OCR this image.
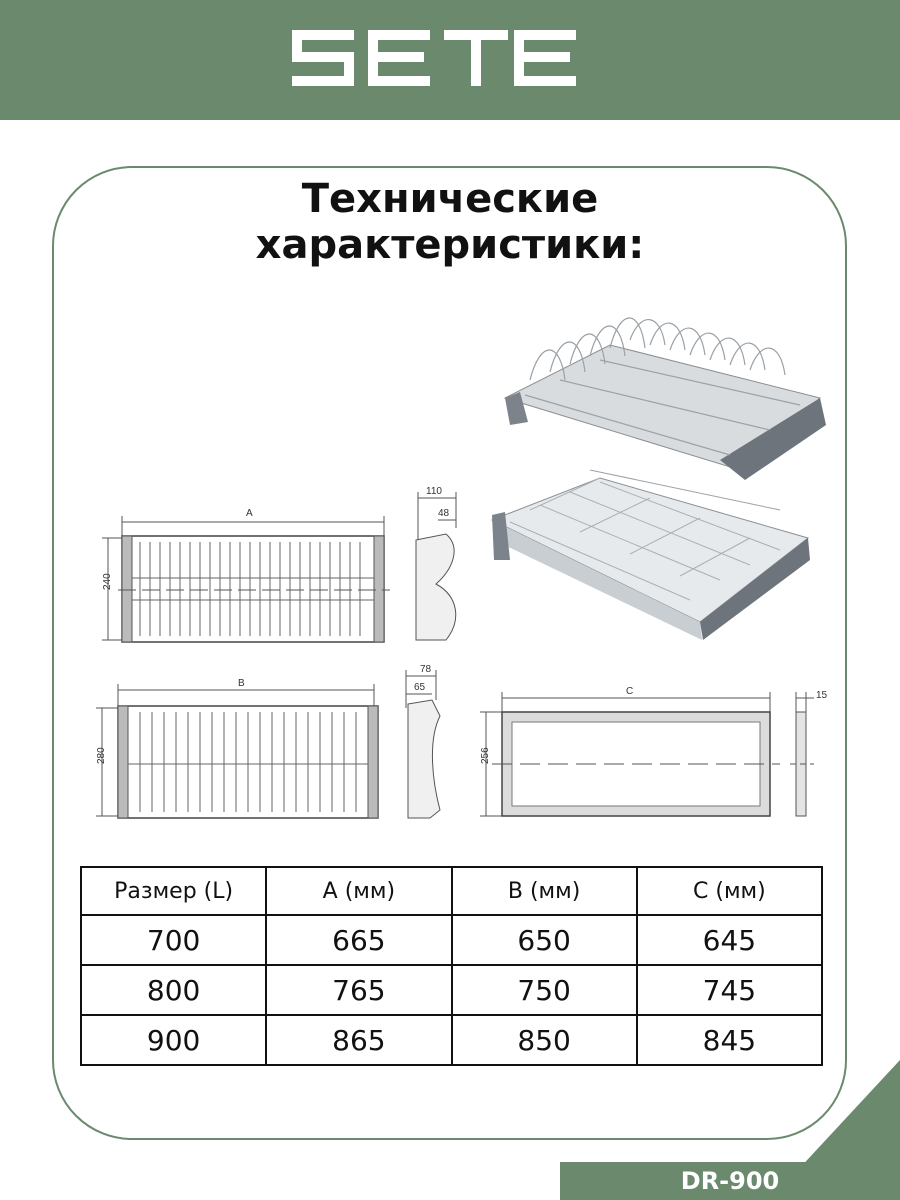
Технические
характеристики:
A
240
110
48
B
280
78
65	C
256
15
Размер (L)	A (мм)	B (мм)	C (мм)
700	665	650	645
800	765	750	745
900	865	850	845
DR-900
